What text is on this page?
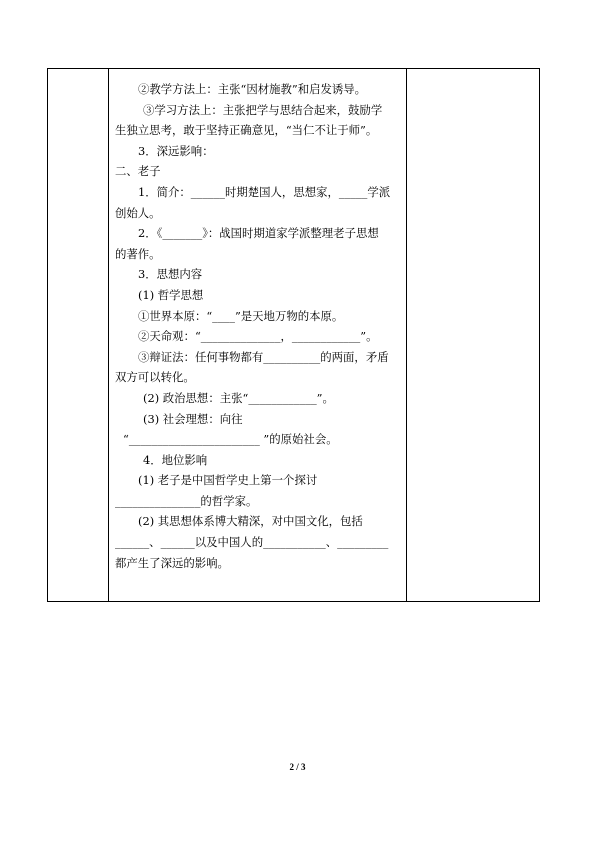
②教学方法上：主张“因材施教”和启发诱导。
③学习方法上：主张把学与思结合起来，鼓励学
生独立思考，敢于坚持正确意见，“当仁不让于师”。
3．深远影响：
二、老子
1．简介：______时期楚国人，思想家，_____学派
创始人。
2．《_______》：战国时期道家学派整理老子思想
的著作。
3．思想内容
(1) 哲学思想
①世界本原：“____”是天地万物的本原。
②天命观：“______________，____________”。
③辩证法：任何事物都有__________的两面，矛盾
双方可以转化。
(2) 政治思想：主张“____________”。
(3) 社会理想：向往
“_______________________ ”的原始社会。
4．地位影响
(1) 老子是中国哲学史上第一个探讨
_______________的哲学家。
(2) 其思想体系博大精深，对中国文化，包括
______、______以及中国人的___________、_________
都产生了深远的影响。

2 / 3
